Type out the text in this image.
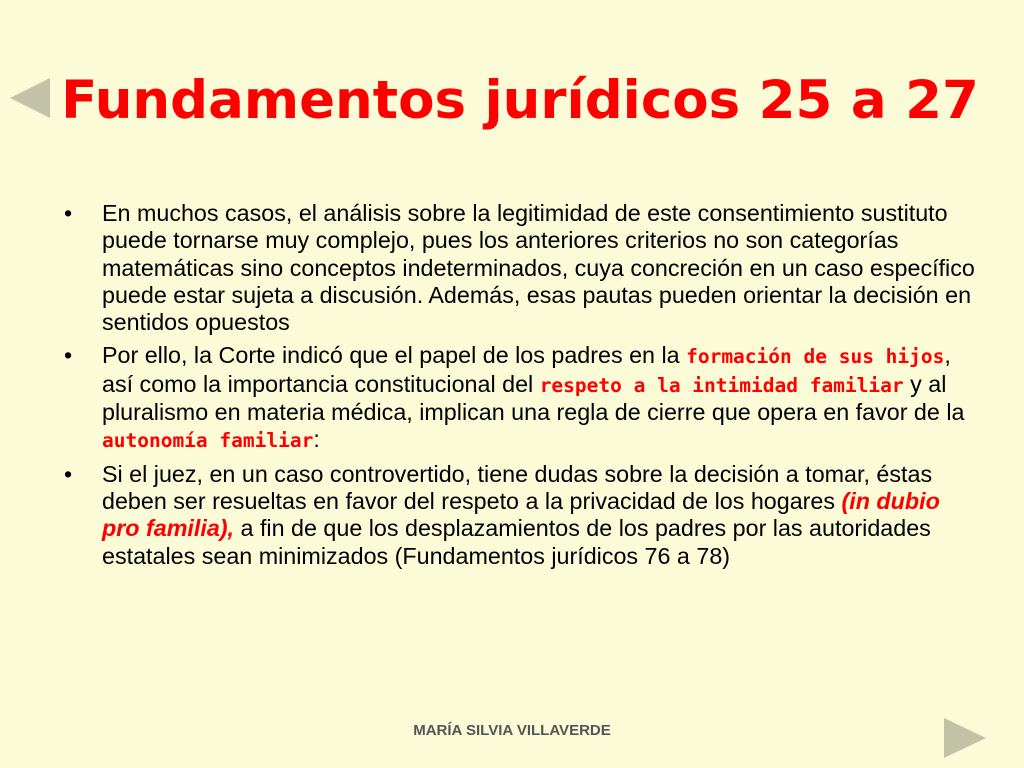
Fundamentos jurídicos 25 a 27
• En muchos casos, el análisis sobre la legitimidad de este consentimiento sustituto puede tornarse muy complejo, pues los anteriores criterios no son categorías matemáticas sino conceptos indeterminados, cuya concreción en un caso específico puede estar sujeta a discusión. Además, esas pautas pueden orientar la decisión en sentidos opuestos
• Por ello, la Corte indicó que el papel de los padres en la formación de sus hijos, así como la importancia constitucional del respeto a la intimidad familiar y al pluralismo en materia médica, implican una regla de cierre que opera en favor de la autonomía familiar:
• Si el juez, en un caso controvertido, tiene dudas sobre la decisión a tomar, éstas deben ser resueltas en favor del respeto a la privacidad de los hogares (in dubio pro familia), a fin de que los desplazamientos de los padres por las autoridades estatales sean minimizados (Fundamentos jurídicos 76 a 78)
MARÍA SILVIA VILLAVERDE
